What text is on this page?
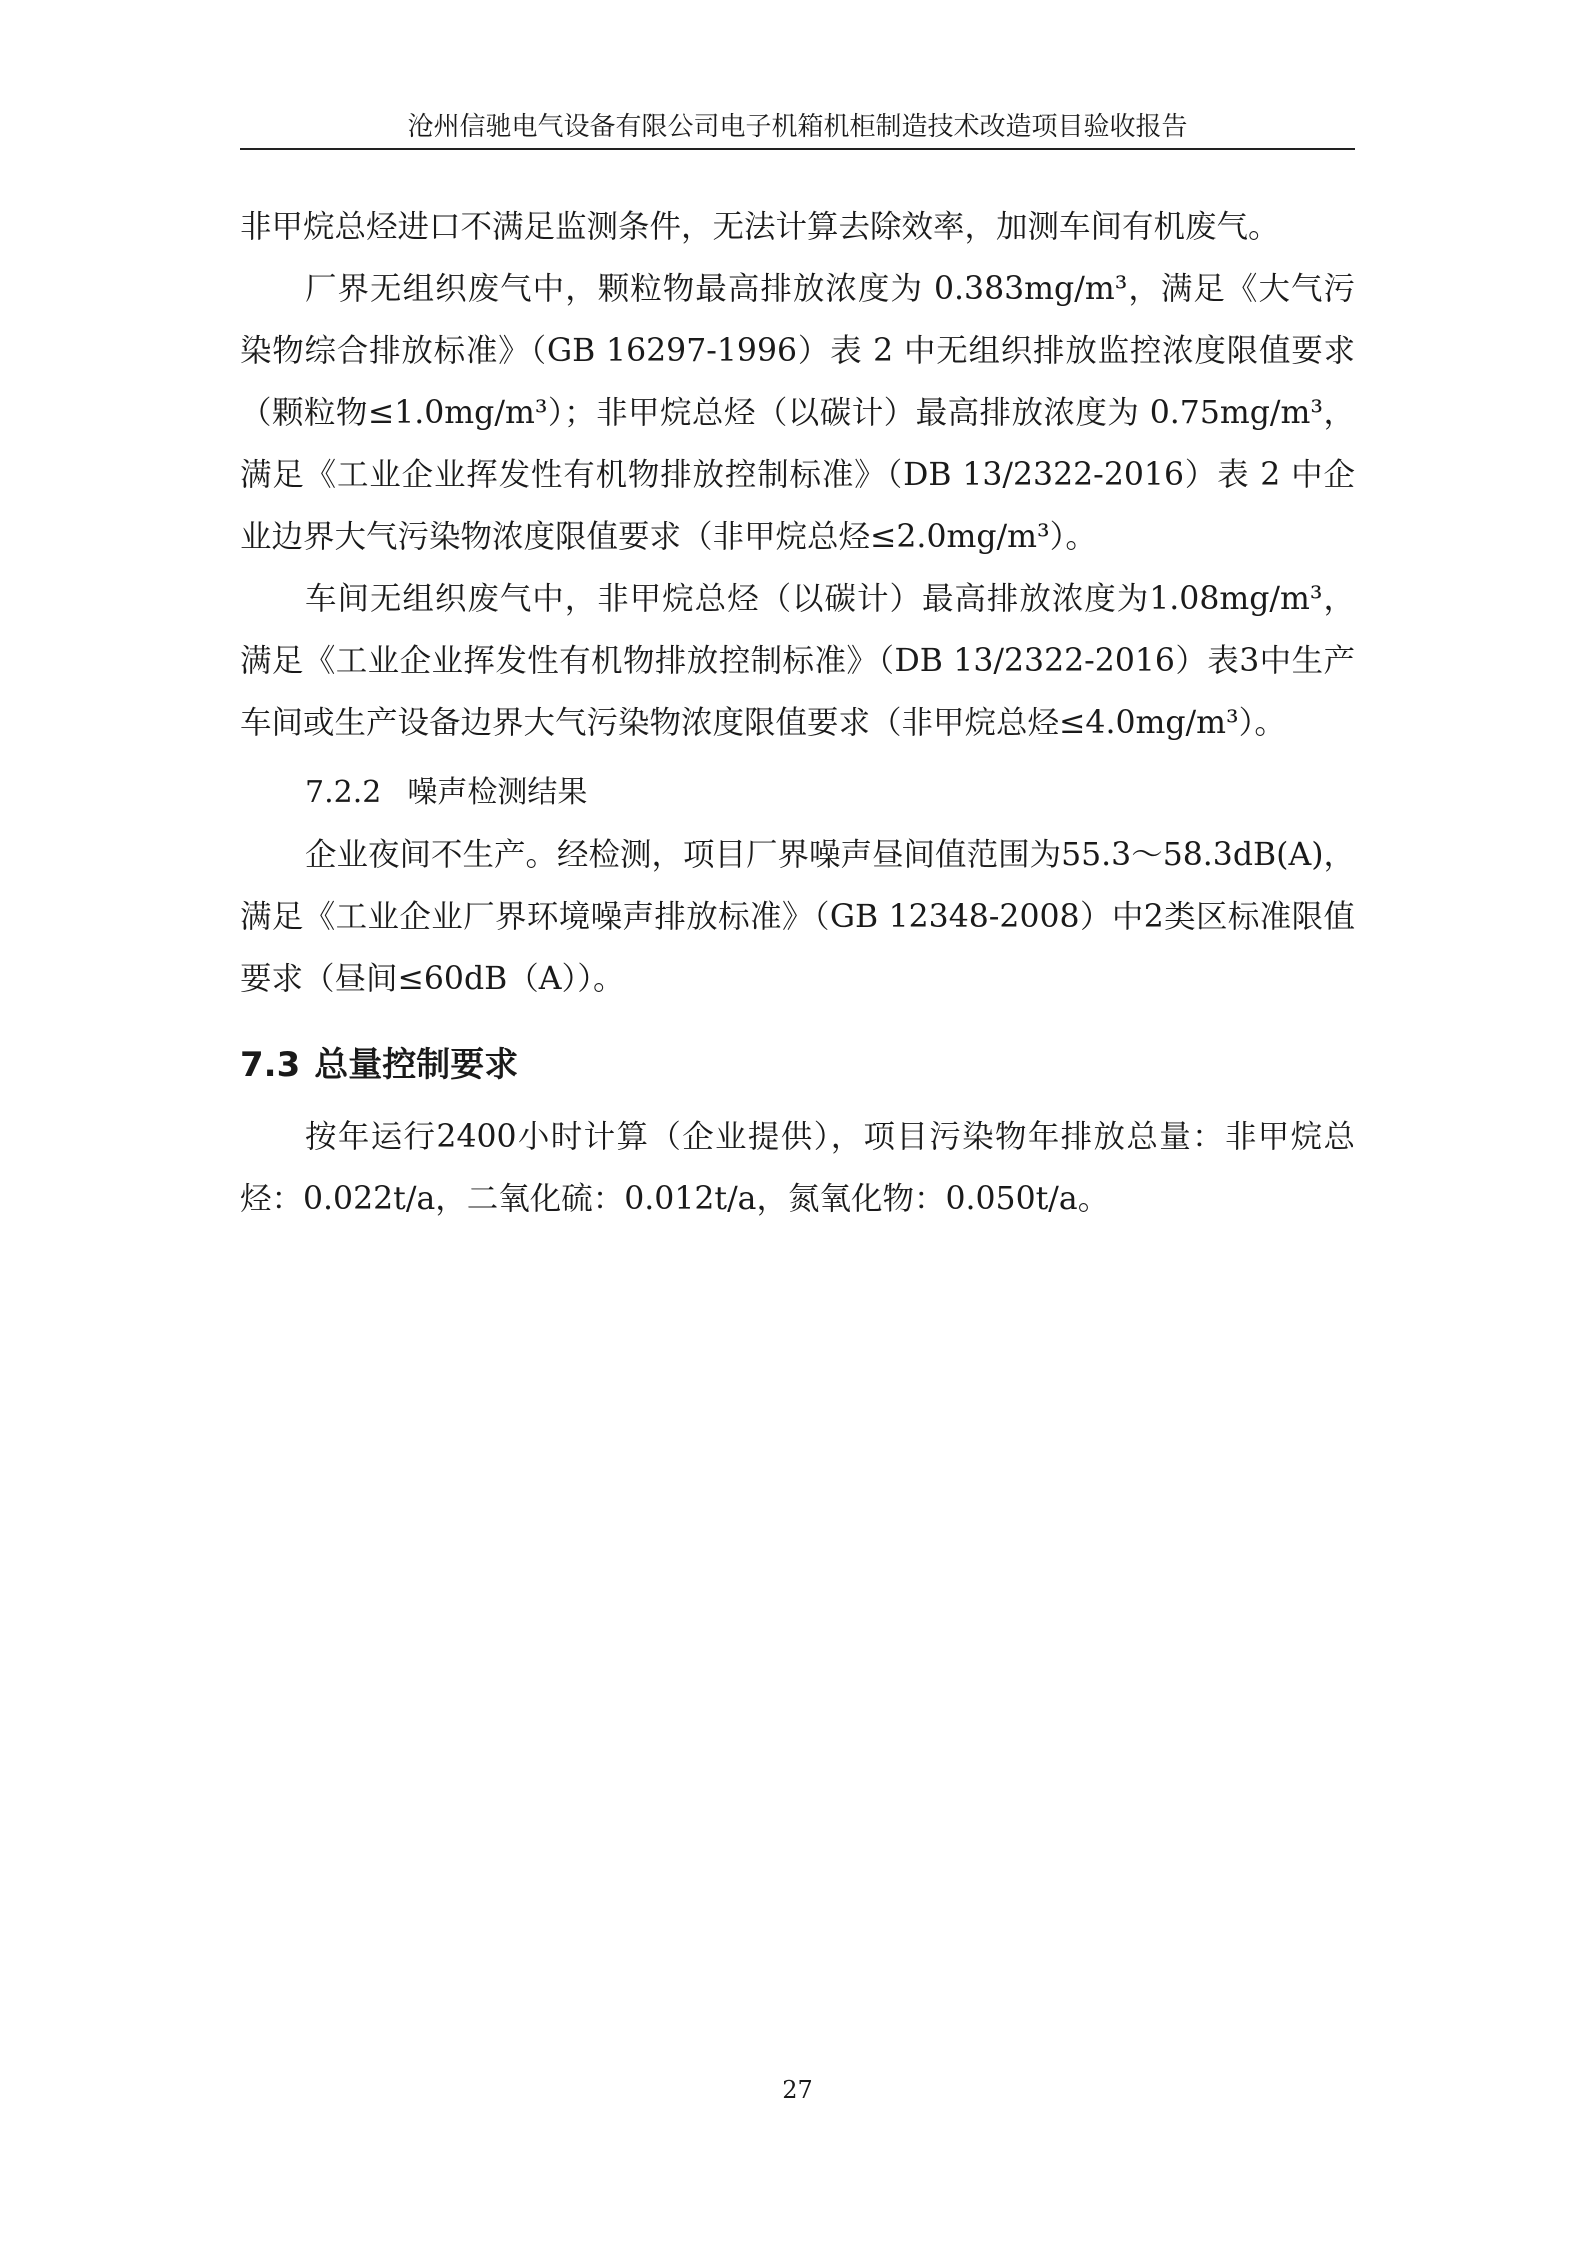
沧州信驰电气设备有限公司电子机箱机柜制造技术改造项目验收报告

非甲烷总烃进口不满足监测条件，无法计算去除效率，加测车间有机废气。

厂界无组织废气中，颗粒物最高排放浓度为 0.383mg/m³，满足《大气污染物综合排放标准》（GB 16297-1996）表 2 中无组织排放监控浓度限值要求（颗粒物≤1.0mg/m³）；非甲烷总烃（以碳计）最高排放浓度为 0.75mg/m³，满足《工业企业挥发性有机物排放控制标准》（DB 13/2322-2016）表 2 中企业边界大气污染物浓度限值要求（非甲烷总烃≤2.0mg/m³）。

车间无组织废气中，非甲烷总烃（以碳计）最高排放浓度为1.08mg/m³，满足《工业企业挥发性有机物排放控制标准》（DB 13/2322-2016）表3中生产车间或生产设备边界大气污染物浓度限值要求（非甲烷总烃≤4.0mg/m³）。

7.2.2 噪声检测结果

企业夜间不生产。经检测，项目厂界噪声昼间值范围为55.3～58.3dB(A)，满足《工业企业厂界环境噪声排放标准》（GB 12348-2008）中2类区标准限值要求（昼间≤60dB（A））。

7.3 总量控制要求

按年运行2400小时计算（企业提供），项目污染物年排放总量：非甲烷总烃：0.022t/a，二氧化硫：0.012t/a，氮氧化物：0.050t/a。

27
